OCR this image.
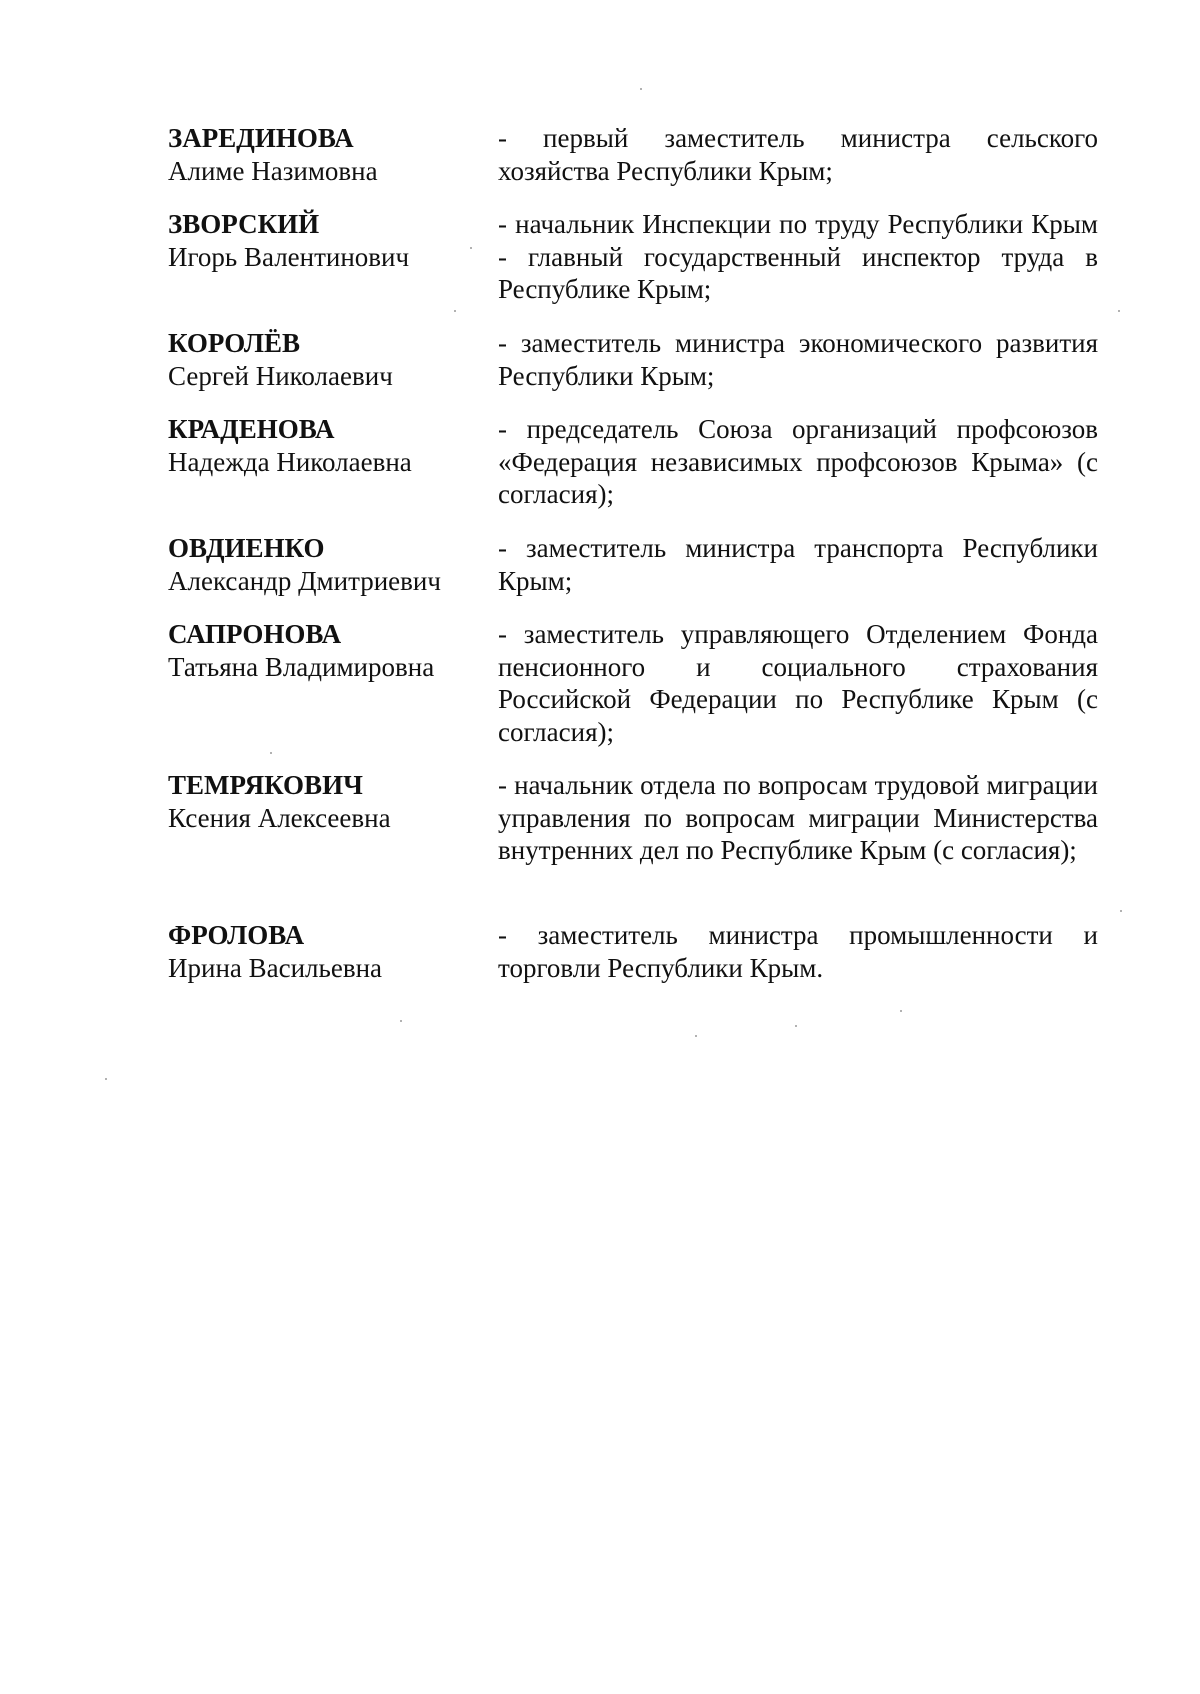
ЗАРЕДИНОВА
Алиме Назимовна
- первый заместитель министра сельского хозяйства Республики Крым;
ЗВОРСКИЙ
Игорь Валентинович
- начальник Инспекции по труду Республики Крым - главный государственный инспектор труда в Республике Крым;
КОРОЛЁВ
Сергей Николаевич
- заместитель министра экономического развития Республики Крым;
КРАДЕНОВА
Надежда Николаевна
- председатель Союза организаций профсоюзов «Федерация независимых профсоюзов Крыма» (с согласия);
ОВДИЕНКО
Александр Дмитриевич
- заместитель министра транспорта Республики Крым;
САПРОНОВА
Татьяна Владимировна
- заместитель управляющего Отделением Фонда пенсионного и социального страхования Российской Федерации по Республике Крым (с согласия);
ТЕМРЯКОВИЧ
Ксения Алексеевна
- начальник отдела по вопросам трудовой миграции управления по вопросам миграции Министерства внутренних дел по Республике Крым (с согласия);
ФРОЛОВА
Ирина Васильевна
- заместитель министра промышленности и торговли Республики Крым.
